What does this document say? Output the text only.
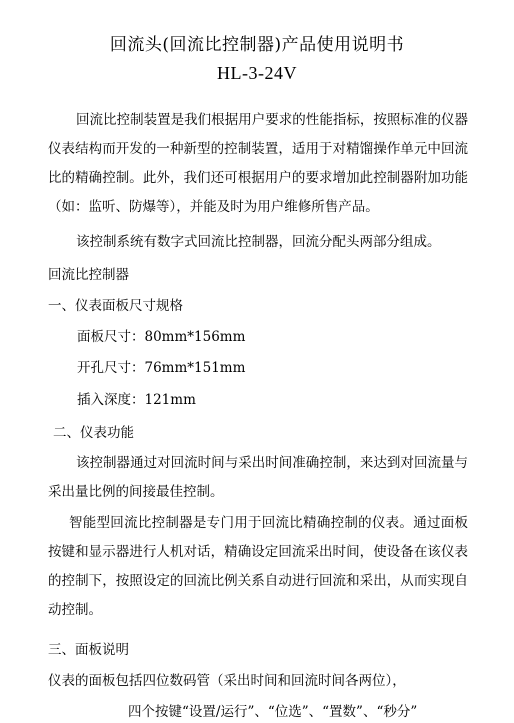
回流头(回流比控制器)产品使用说明书
HL-3-24V
回流比控制装置是我们根据用户要求的性能指标，按照标准的仪器仪表结构而开发的一种新型的控制装置，适用于对精馏操作单元中回流比的精确控制。此外，我们还可根据用户的要求增加此控制器附加功能（如：监听、防爆等），并能及时为用户维修所售产品。
该控制系统有数字式回流比控制器，回流分配头两部分组成。
回流比控制器
一、仪表面板尺寸规格
面板尺寸：80mm*156mm
开孔尺寸：76mm*151mm
插入深度：121mm
二、仪表功能
该控制器通过对回流时间与采出时间准确控制，来达到对回流量与采出量比例的间接最佳控制。
智能型回流比控制器是专门用于回流比精确控制的仪表。通过面板按键和显示器进行人机对话，精确设定回流采出时间，使设备在该仪表的控制下，按照设定的回流比例关系自动进行回流和采出，从而实现自动控制。
三、面板说明
仪表的面板包括四位数码管（采出时间和回流时间各两位），
四个按键“设置/运行”、“位选”、“置数”、“秒分”
